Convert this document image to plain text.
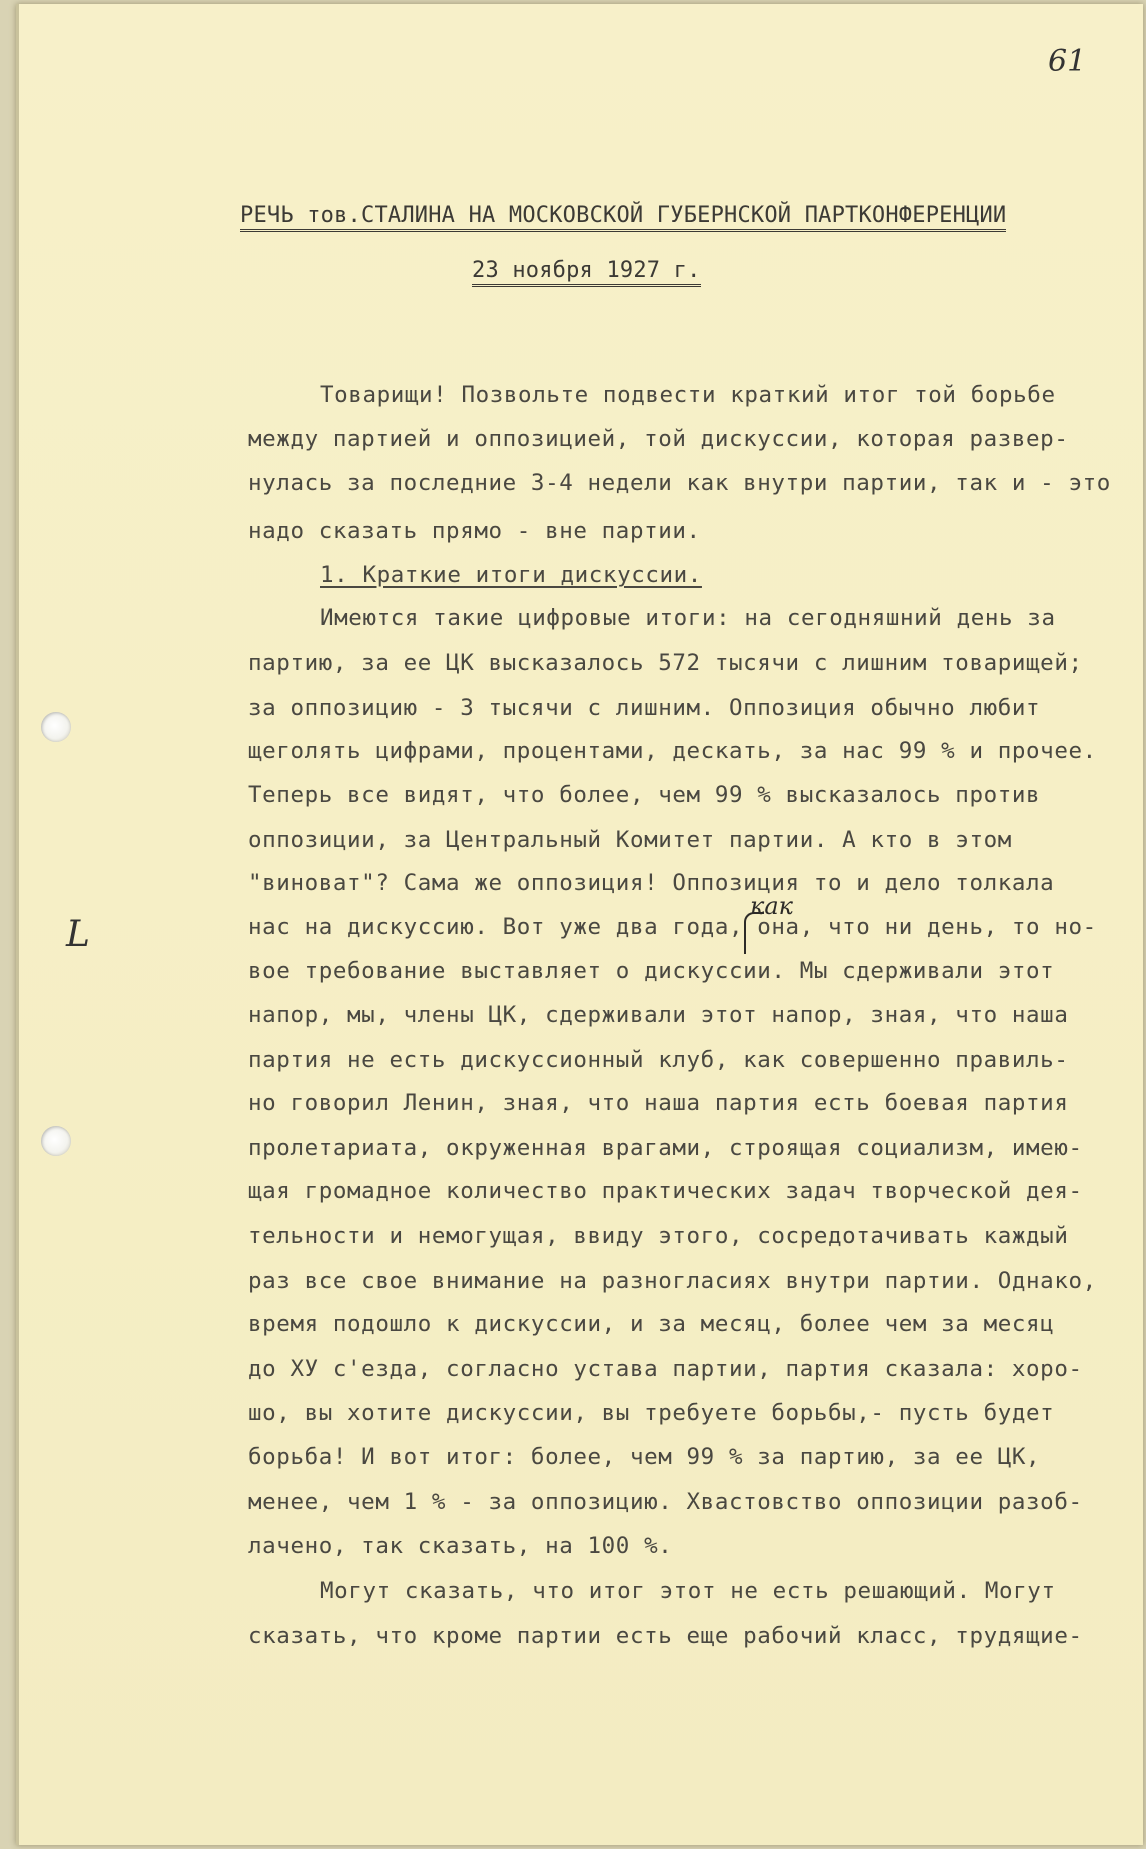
61
L
РЕЧЬ тов.СТАЛИНА НА МОСКОВСКОЙ ГУБЕРНСКОЙ ПАРТКОНФЕРЕНЦИИ
23 ноября 1927 г.
как
Товарищи! Позвольте подвести краткий итог той борьбе
между партией и оппозицией, той дискуссии, которая развер-
нулась за последние 3-4 недели как внутри партии, так и - это
надо сказать прямо - вне партии.
1. Краткие итоги дискуссии.
Имеются такие цифровые итоги: на сегодняшний день за
партию, за ее ЦК высказалось 572 тысячи с лишним товарищей;
за оппозицию - 3 тысячи с лишним. Оппозиция обычно любит
щеголять цифрами, процентами, дескать, за нас 99 % и прочее.
Теперь все видят, что более, чем 99 % высказалось против
оппозиции, за Центральный Комитет партии. А кто в этом
"виноват"? Сама же оппозиция! Оппозиция то и дело толкала
нас на дискуссию. Вот уже два года, она, что ни день, то но-
вое требование выставляет о дискуссии. Мы сдерживали этот
напор, мы, члены ЦК, сдерживали этот напор, зная, что наша
партия не есть дискуссионный клуб, как совершенно правиль-
но говорил Ленин, зная, что наша партия есть боевая партия
пролетариата, окруженная врагами, строящая социализм, имею-
щая громадное количество практических задач творческой дея-
тельности и немогущая, ввиду этого, сосредотачивать каждый
раз все свое внимание на разногласиях внутри партии. Однако,
время подошло к дискуссии, и за месяц, более чем за месяц
до ХУ с'езда, согласно устава партии, партия сказала: хоро-
шо, вы хотите дискуссии, вы требуете борьбы,- пусть будет
борьба! И вот итог: более, чем 99 % за партию, за ее ЦК,
менее, чем 1 % - за оппозицию. Хвастовство оппозиции разоб-
лачено, так сказать, на 100 %.
Могут сказать, что итог этот не есть решающий. Могут
сказать, что кроме партии есть еще рабочий класс, трудящие-
